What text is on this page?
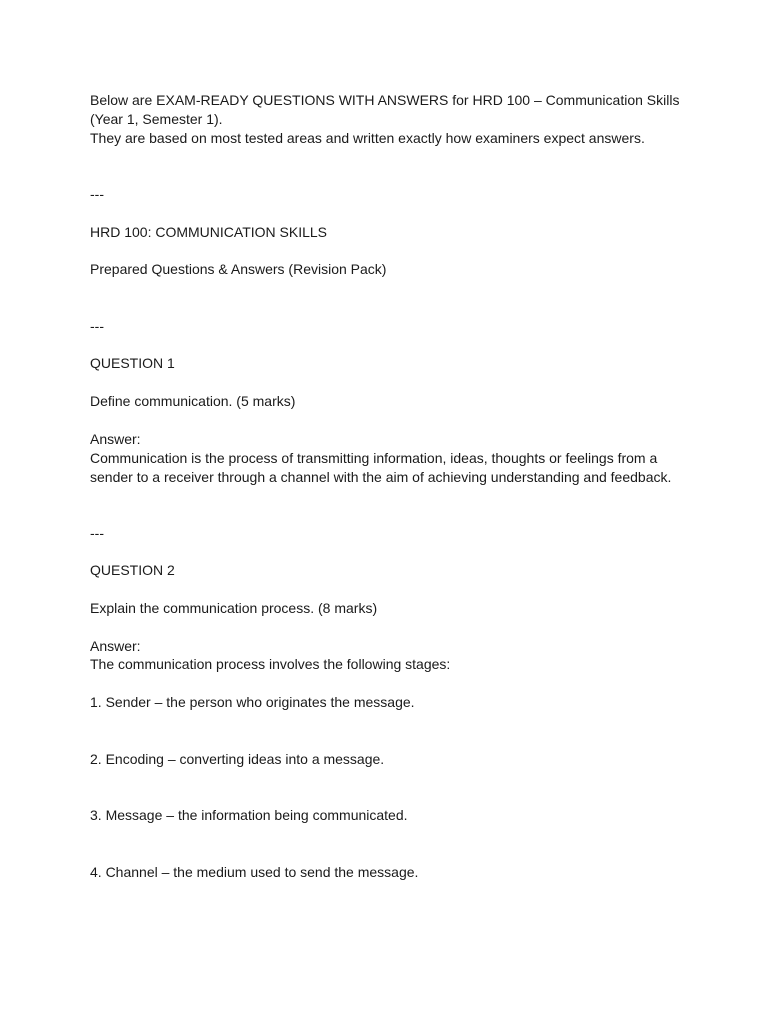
Below are EXAM-READY QUESTIONS WITH ANSWERS for HRD 100 – Communication Skills
(Year 1, Semester 1).
They are based on most tested areas and written exactly how examiners expect answers.
---
HRD 100: COMMUNICATION SKILLS
Prepared Questions & Answers (Revision Pack)
---
QUESTION 1
Define communication. (5 marks)
Answer:
Communication is the process of transmitting information, ideas, thoughts or feelings from a
sender to a receiver through a channel with the aim of achieving understanding and feedback.
---
QUESTION 2
Explain the communication process. (8 marks)
Answer:
The communication process involves the following stages:
1. Sender – the person who originates the message.
2. Encoding – converting ideas into a message.
3. Message – the information being communicated.
4. Channel – the medium used to send the message.
